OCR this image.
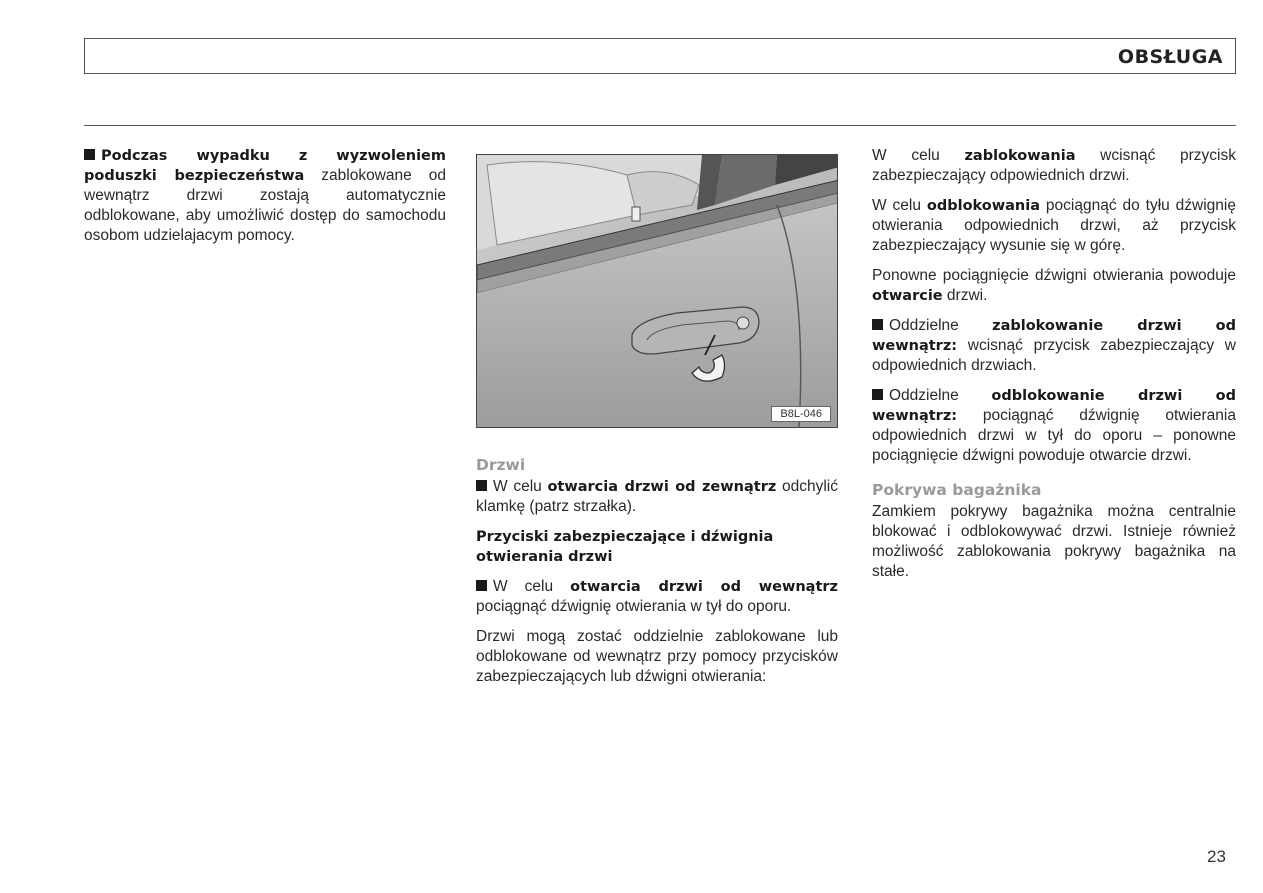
OBSŁUGA

Podczas wypadku z wyzwoleniem poduszki bezpieczeństwa zablokowane od wewnątrz drzwi zostają automatycznie odblokowane, aby umożliwić dostęp do samochodu osobom udzielajacym pomocy.

B8L-046
Drzwi

W celu otwarcia drzwi od zewnątrz odchylić klamkę (patrz strzałka).

Przyciski zabezpieczające i dźwignia otwierania drzwi

W celu otwarcia drzwi od wewnątrz pociągnąć dźwignię otwierania w tył do oporu.

Drzwi mogą zostać oddzielnie zablokowane lub odblokowane od wewnątrz przy pomocy przycisków zabezpieczających lub dźwigni otwierania:

W celu zablokowania wcisnąć przycisk zabezpieczający odpowiednich drzwi.

W celu odblokowania pociągnąć do tyłu dźwignię otwierania odpowiednich drzwi, aż przycisk zabezpieczający wysunie się w górę.

Ponowne pociągnięcie dźwigni otwierania powoduje otwarcie drzwi.

Oddzielne zablokowanie drzwi od wewnątrz: wcisnąć przycisk zabezpieczający w odpowiednich drzwiach.

Oddzielne odblokowanie drzwi od wewnątrz: pociągnąć dźwignię otwierania odpowiednich drzwi w tył do oporu – ponowne pociągnięcie dźwigni powoduje otwarcie drzwi.

Pokrywa bagażnika

Zamkiem pokrywy bagażnika można centralnie blokować i odblokowywać drzwi. Istnieje również możliwość zablokowania pokrywy bagażnika na stałe.

23
